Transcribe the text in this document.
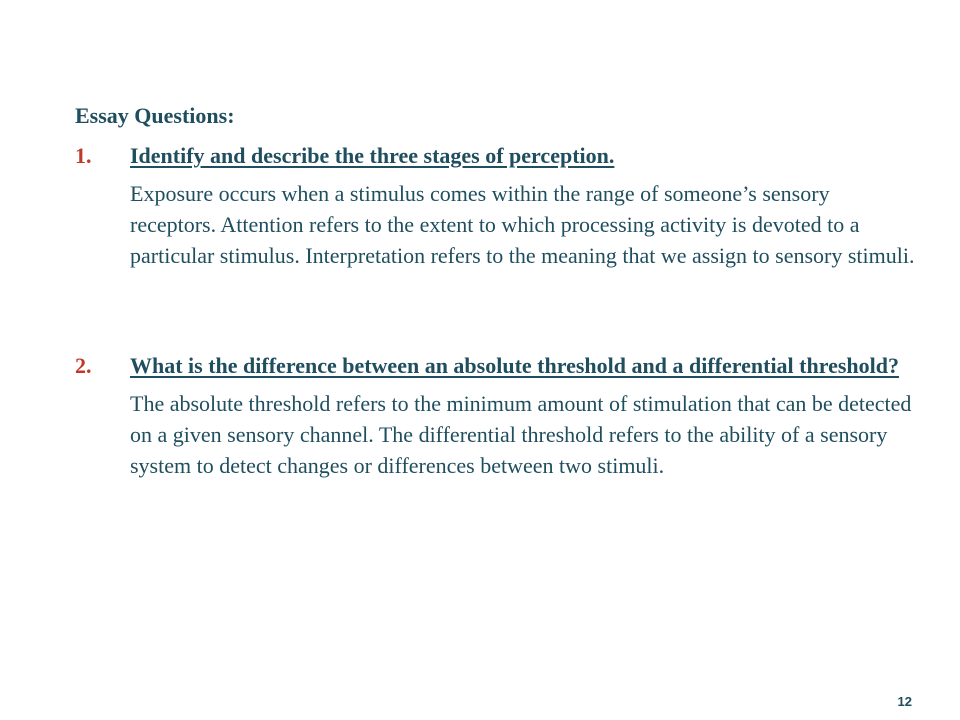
Essay Questions:

1.	Identify and describe the three stages of perception.
Exposure occurs when a stimulus comes within the range of someone’s sensory receptors. Attention refers to the extent to which processing activity is devoted to a particular stimulus. Interpretation refers to the meaning that we assign to sensory stimuli.
2.	What is the difference between an absolute threshold and a differential threshold?
The absolute threshold refers to the minimum amount of stimulation that can be detected on a given sensory channel. The differential threshold refers to the ability of a sensory system to detect changes or differences between two stimuli.
12
